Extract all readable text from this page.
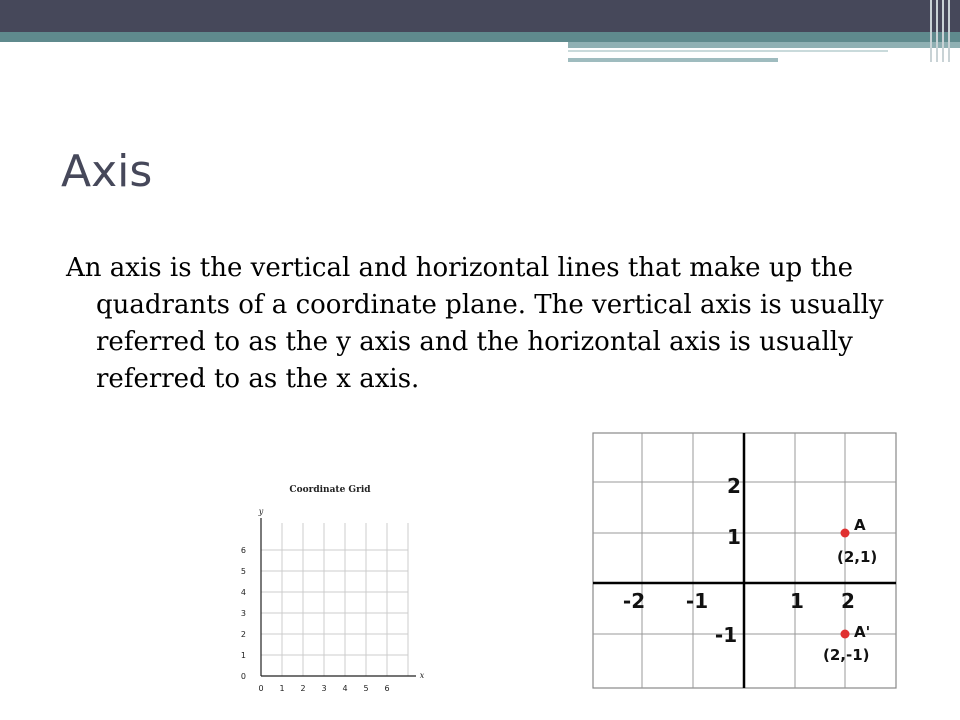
Axis

An axis is the vertical and horizontal lines that make up the quadrants of a coordinate plane. The vertical axis is usually referred to as the y axis and the horizontal axis is usually referred to as the x axis.

Coordinate Grid
y
x
0 1 2 3 4 5 6
0
1
2
3
4
5
6
2
1
-1
-2 -1	1 2
A
(2,1)
A'
(2,-1)
